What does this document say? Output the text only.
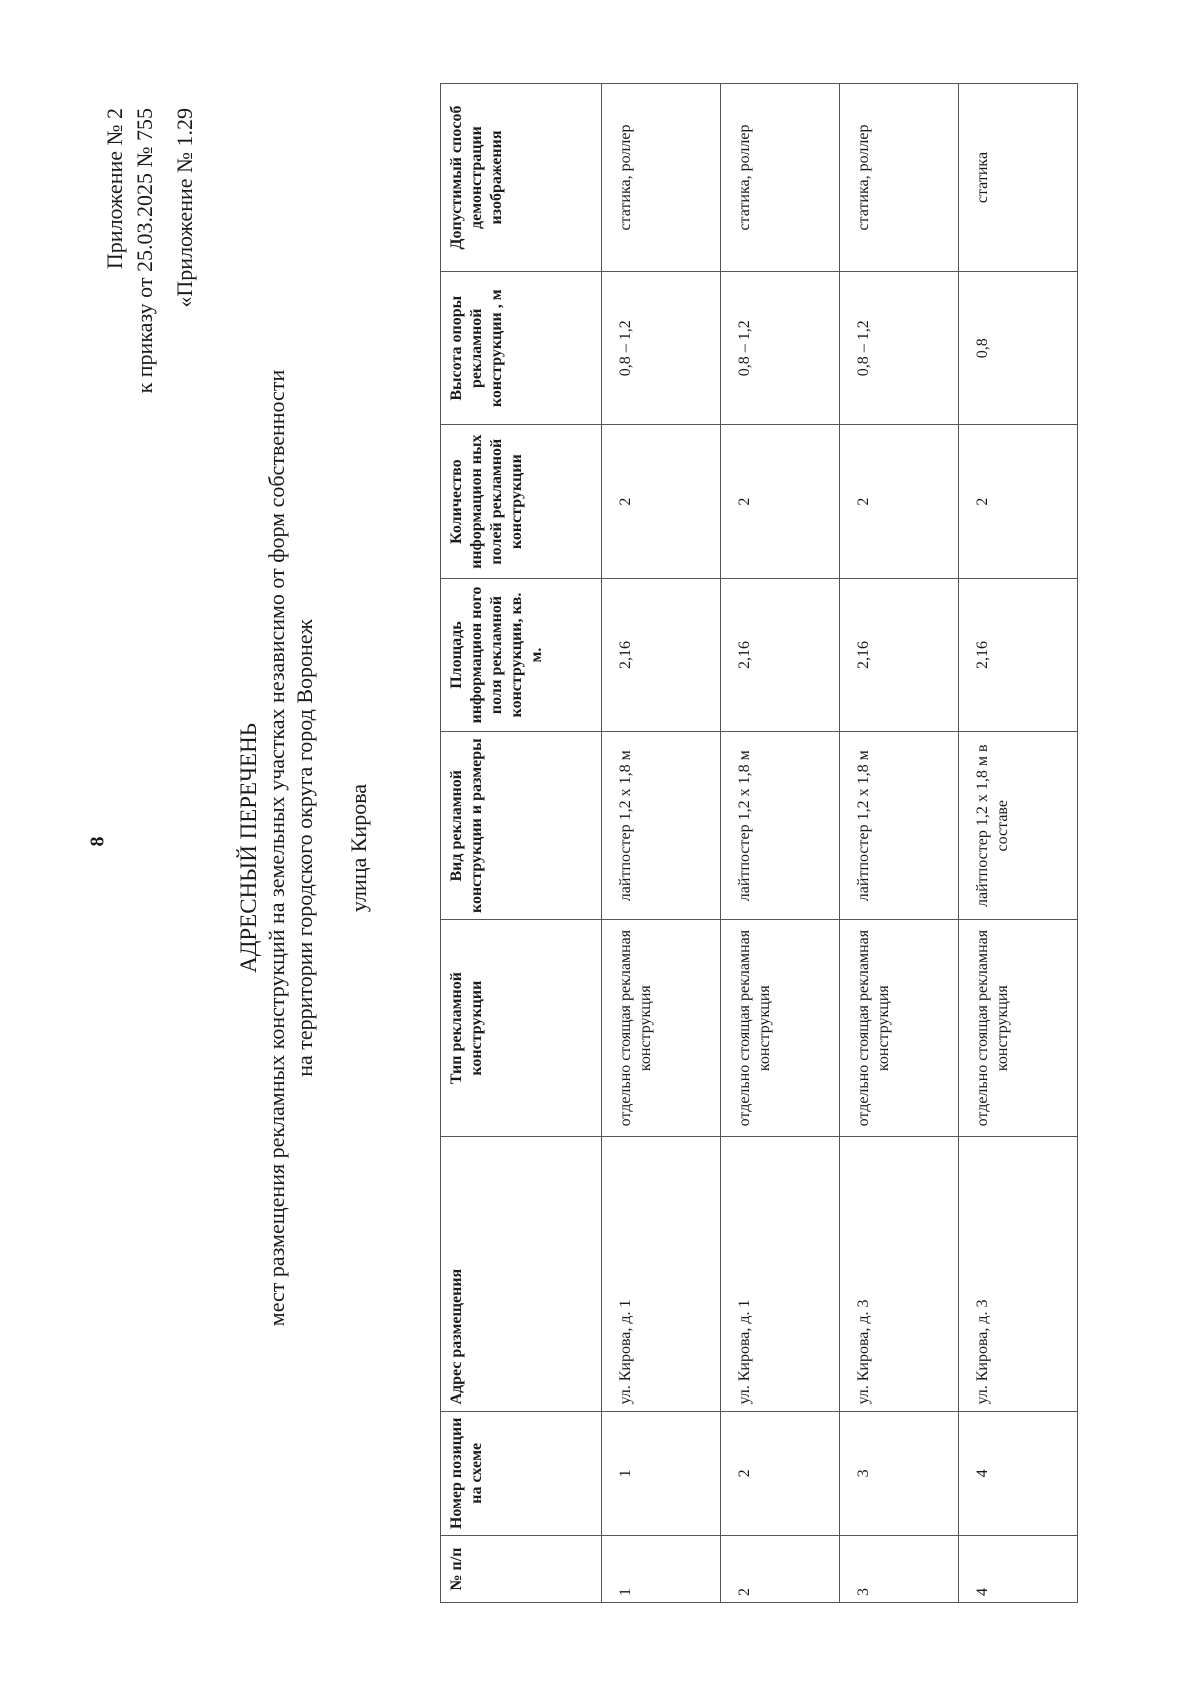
8
Приложение № 2 к приказу от 25.03.2025 № 755 «Приложение № 1.29
АДРЕСНЫЙ ПЕРЕЧЕНЬ мест размещения рекламных конструкций на земельных участках независимо от форм собственности на территории городского округа город Воронеж улица Кирова
№ п/п	Номер позиции на схеме	Адрес размещения	Тип рекламной конструкции	Вид рекламной конструкции и размеры	Площадь информацион ного поля рекламной конструкции, кв. м.	Количество информацион ных полей рекламной конструкции	Высота опоры рекламной конструкции , м	Допустимый способ демонстрации изображения
1	1	ул. Кирова, д. 1	отдельно стоящая рекламная конструкция	лайтпостер 1,2 х 1,8 м	2,16	2	0,8 – 1,2	статика, роллер
2	2	ул. Кирова, д. 1	отдельно стоящая рекламная конструкция	лайтпостер 1,2 х 1,8 м	2,16	2	0,8 – 1,2	статика, роллер
3	3	ул. Кирова, д. 3	отдельно стоящая рекламная конструкция	лайтпостер 1,2 х 1,8 м	2,16	2	0,8 – 1,2	статика, роллер
4	4	ул. Кирова, д. 3	отдельно стоящая рекламная конструкция	лайтпостер 1,2 х 1,8 м в составе	2,16	2	0,8	статика
